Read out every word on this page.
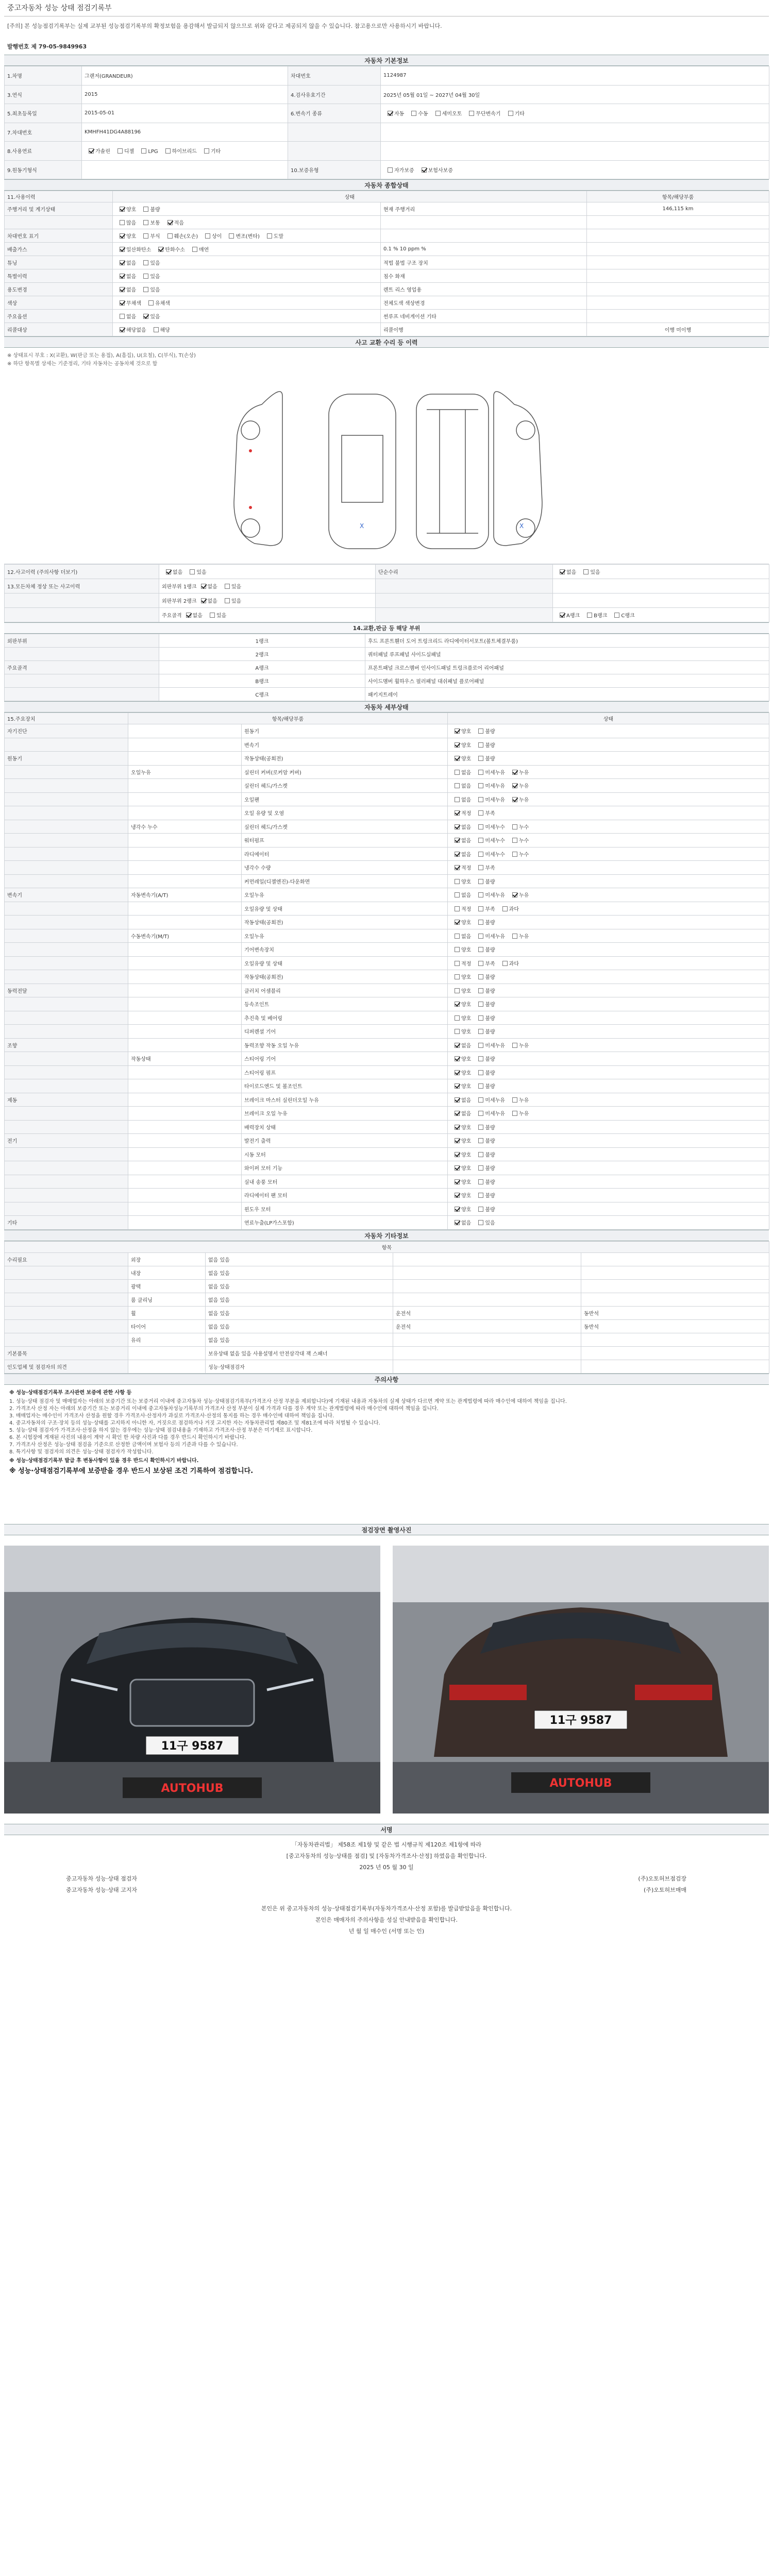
중고자동차 성능 상태 점검기록부
[주의] 본 성능점검기록부는 실제 교부된 성능점검기록부의 확정보험을 용감해서 발급되지 않으므로 위와 같다고 제공되지 않을 수 있습니다. 참고용으로만 사용하시기 바랍니다.
발행번호 제 79-05-9849963
자동차 기본정보
1.차명	그랜저(GRANDEUR)	차대번호	1124987
3.연식	2015	4.검사유효기간	2025년 05월 01일 ~ 2027년 04월 30일
5.최초등록일	2015-05-01	6.변속기 종류	자동 수동 세미오토 무단변속기 기타
7.차대번호	KMHFH41DG4A88196		
8.사용연료	가솔린 디젤 LPG 하이브리드 기타		
9.원동기형식		10.보증유형	자가보증 보험사보증
자동차 종합상태
11.사용이력	상태		항목/해당부품
주행거리 및 계기상태	양호 불량	현재 주행거리	146,115 km
	많음 보통 적음		
차대번호 표기	양호 부식 훼손(오손) 상이 변조(변타) 도말		
배출가스	일산화탄소 탄화수소 매연	0.1 % 10 ppm %	
튜닝	없음 있음	적법 불법 구조 장치	
특별이력	없음 있음	침수 화재	
용도변경	없음 있음	렌트 리스 영업용	
색상	무채색 유채색	전체도색 색상변경	
주요옵션	없음 있음	썬루프 네비게이션 기타	
리콜대상	해당없음 해당	리콜이행	이행 미이행
사고 교환 수리 등 이력
※ 상태표시 부호 : X(교환), W(판금 또는 용접), A(흠집), U(요철), C(부식), T(손상)
※ 하단 항목별 상세는 기준정리, 기타 자동차는 공동차체 것으로 함
X	X
12.사고이력 (주의사항 더보기)	없음 있음	단순수리	없음 있음
13.모든차체 정상 또는 사고이력	외판부위 1랭크 없음 있음		
	외판부위 2랭크 없음 있음		
	주요골격 없음 있음		A랭크 B랭크 C랭크
14.교환,판금 등 해당 부위
외판부위	1랭크	후드 프론트휀더 도어 트렁크리드 라디에이터서포트(볼트체결부품)
	2랭크	쿼터패널 루프패널 사이드실패널
주요골격	A랭크	프론트패널 크로스멤버 인사이드패널 트렁크플로어 리어패널
	B랭크	사이드멤버 휠하우스 필러패널 대쉬패널 플로어패널
	C랭크	패키지트레이
자동차 세부상태
15.주요장치	항목/해당부품		상태
자기진단		원동기	양호 불량
		변속기	양호 불량
원동기		작동상태(공회전)	양호 불량
	오일누유	실린더 커버(로커암 커버)	없음 미세누유 누유
		실린더 헤드/가스켓	없음 미세누유 누유
		오일팬	없음 미세누유 누유
		오일 유량 및 오염	적정 부족
	냉각수 누수	실린더 헤드/가스켓	없음 미세누수 누수
		워터펌프	없음 미세누수 누수
		라디에이터	없음 미세누수 누수
		냉각수 수량	적정 부족
		커먼레일(디젤엔진)-다운화면	양호 불량
변속기	자동변속기(A/T)	오일누유	없음 미세누유 누유
		오일유량 및 상태	적정 부족 과다
		작동상태(공회전)	양호 불량
	수동변속기(M/T)	오일누유	없음 미세누유 누유
		기어변속장치	양호 불량
		오일유량 및 상태	적정 부족 과다
		작동상태(공회전)	양호 불량
동력전달		클러치 어셈블리	양호 불량
		등속조인트	양호 불량
		추진축 및 베어링	양호 불량
		디퍼렌셜 기어	양호 불량
조향		동력조향 작동 오일 누유	없음 미세누유 누유
	작동상태	스티어링 기어	양호 불량
		스티어링 펌프	양호 불량
		타이로드엔드 및 볼조인트	양호 불량
제동		브레이크 마스터 실린더오일 누유	없음 미세누유 누유
		브레이크 오일 누유	없음 미세누유 누유
		배력장치 상태	양호 불량
전기		발전기 출력	양호 불량
		시동 모터	양호 불량
		와이퍼 모터 기능	양호 불량
		실내 송풍 모터	양호 불량
		라디에이터 팬 모터	양호 불량
		윈도우 모터	양호 불량
기타		연료누출(LP가스포함)	없음 있음
자동차 기타정보
항목				
수리필요	외장	없음 있음		
	내장	없음 있음		
	광택	없음 있음		
	룸 클리닝	없음 있음		
	휠	없음 있음	운전석	동반석
	타이어	없음 있음	운전석	동반석
	유리	없음 있음		
기본품목		보유상태 없음 있음 사용설명서 안전삼각대 잭 스패너		
인도업체 및 점검자의 의견		성능·상태점검자		
주의사항
※ 성능·상태점검기록부 조사관련 보증에 관한 사항 등
1. 성능·상태 점검자 및 매매업자는 아래의 보증기간 또는 보증거리 이내에 중고자동차 성능·상태점검기록부(가격조사 산정 부분을 제외합니다)에 기재된 내용과 자동차의 실제 상태가 다르면 계약 또는 관계법령에 따라 매수인에 대하여 책임을 집니다.
2. 가격조사 산정 자는 아래의 보증기간 또는 보증거리 이내에 중고자동차성능기록부의 가격조사 산정 부분이 실제 가격과 다를 경우 계약 또는 관계법령에 따라 매수인에 대하여 책임을 집니다.
3. 매매업자는 매수인이 가격조사 산정을 원할 경우 가격조사·산정자가 과실로 가격조사·산정의 통지를 하는 경우 매수인에 대하여 책임을 집니다.
4. 중고자동차의 구조·장치 등의 성능·상태를 고지하지 아니한 자, 거짓으로 점검하거나 거짓 고지한 자는 자동차관리법 제80조 및 제81조에 따라 처벌될 수 있습니다.
5. 성능·상태 점검자가 가격조사·산정을 하지 않는 경우에는 성능·상태 점검내용을 기재하고 가격조사·산정 부분은 미기재로 표시합니다.
6. 본 시험장에 게재된 사진의 내용이 계약 시 확인 한 차량 사진과 다를 경우 반드시 확인하시기 바랍니다.
7. 가격조사 산정은 성능·상태 점검을 기준으로 산정한 금액이며 보험사 등의 기준과 다를 수 있습니다.
8. 특기사항 및 점검자의 의견은 성능·상태 점검자가 작성합니다.
※ 성능·상태점검기록부 발급 후 변동사항이 있을 경우 반드시 확인하시기 바랍니다.
※ 성능·상태점검기록부에 보증받을 경우 반드시 보상된 조건 기록하여 점검합니다.
점검장면 촬영사진
11구 9587
AUTOHUB
11구 9587
AUTOHUB
서명
「자동차관리법」 제58조 제1항 및 같은 법 시행규칙 제120조 제1항에 따라
[중고자동차의 성능·상태를 점검] 및 [자동차가격조사·산정] 하였음을 확인합니다.
2025 년 05 월 30 일
중고자동차 성능·상태 점검자	(주)오토허브점검장
중고자동차 성능·상태 고지자	(주)오토허브매매
본인은 위 중고자동차의 성능·상태점검기록부(자동차가격조사·산정 포함)를 발급받았음을 확인합니다.
본인은 매매자의 주의사항을 성실 안내받음을 확인합니다.
년 월 일 매수인 (서명 또는 인)
